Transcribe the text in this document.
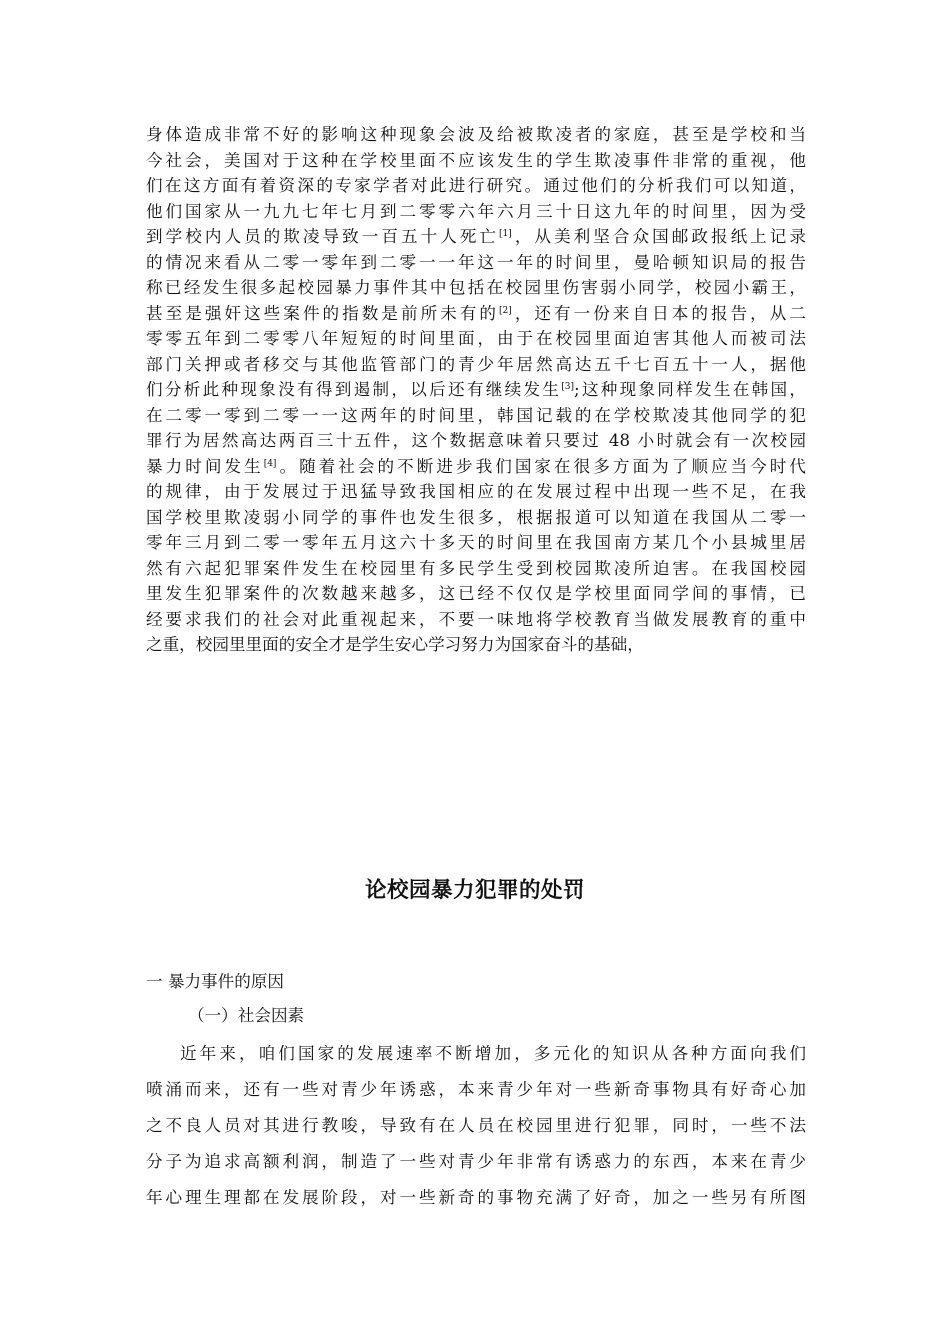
身体造成非常不好的影响这种现象会波及给被欺凌者的家庭，甚至是学校和当
今社会，美国对于这种在学校里面不应该发生的学生欺凌事件非常的重视，他
们在这方面有着资深的专家学者对此进行研究。通过他们的分析我们可以知道，
他们国家从一九九七年七月到二零零六年六月三十日这九年的时间里，因为受
到学校内人员的欺凌导致一百五十人死亡[1]，从美利坚合众国邮政报纸上记录
的情况来看从二零一零年到二零一一年这一年的时间里，曼哈顿知识局的报告
称已经发生很多起校园暴力事件其中包括在校园里伤害弱小同学，校园小霸王，
甚至是强奸这些案件的指数是前所未有的[2]，还有一份来自日本的报告，从二
零零五年到二零零八年短短的时间里面，由于在校园里面迫害其他人而被司法
部门关押或者移交与其他监管部门的青少年居然高达五千七百五十一人，据他
们分析此种现象没有得到遏制，以后还有继续发生[3];这种现象同样发生在韩国，
在二零一零到二零一一这两年的时间里，韩国记载的在学校欺凌其他同学的犯
罪行为居然高达两百三十五件，这个数据意味着只要过 48 小时就会有一次校园
暴力时间发生[4]。随着社会的不断进步我们国家在很多方面为了顺应当今时代
的规律，由于发展过于迅猛导致我国相应的在发展过程中出现一些不足，在我
国学校里欺凌弱小同学的事件也发生很多，根据报道可以知道在我国从二零一
零年三月到二零一零年五月这六十多天的时间里在我国南方某几个小县城里居
然有六起犯罪案件发生在校园里有多民学生受到校园欺凌所迫害。在我国校园
里发生犯罪案件的次数越来越多，这已经不仅仅是学校里面同学间的事情，已
经要求我们的社会对此重视起来，不要一味地将学校教育当做发展教育的重中
之重，校园里里面的安全才是学生安心学习努力为国家奋斗的基础，
论校园暴力犯罪的处罚
一 暴力事件的原因
（一）社会因素
近年来，咱们国家的发展速率不断增加，多元化的知识从各种方面向我们
喷涌而来，还有一些对青少年诱惑，本来青少年对一些新奇事物具有好奇心加
之不良人员对其进行教唆，导致有在人员在校园里进行犯罪，同时，一些不法
分子为追求高额利润，制造了一些对青少年非常有诱惑力的东西，本来在青少
年心理生理都在发展阶段，对一些新奇的事物充满了好奇，加之一些另有所图
